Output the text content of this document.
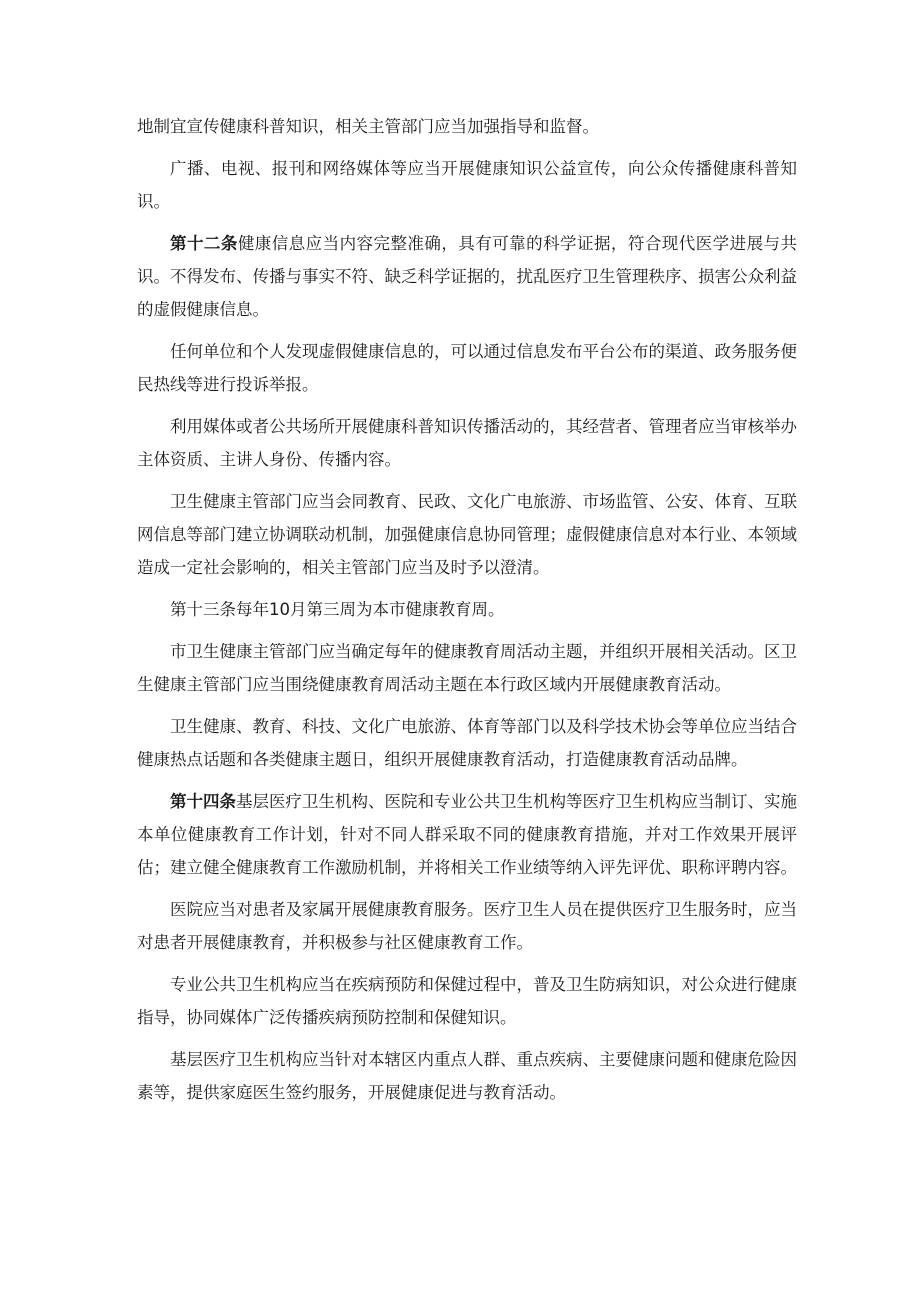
地制宜宣传健康科普知识，相关主管部门应当加强指导和监督。

广播、电视、报刊和网络媒体等应当开展健康知识公益宣传，向公众传播健康科普知识。

第十二条健康信息应当内容完整准确，具有可靠的科学证据，符合现代医学进展与共识。不得发布、传播与事实不符、缺乏科学证据的，扰乱医疗卫生管理秩序、损害公众利益的虚假健康信息。

任何单位和个人发现虚假健康信息的，可以通过信息发布平台公布的渠道、政务服务便民热线等进行投诉举报。

利用媒体或者公共场所开展健康科普知识传播活动的，其经营者、管理者应当审核举办主体资质、主讲人身份、传播内容。

卫生健康主管部门应当会同教育、民政、文化广电旅游、市场监管、公安、体育、互联网信息等部门建立协调联动机制，加强健康信息协同管理；虚假健康信息对本行业、本领域造成一定社会影响的，相关主管部门应当及时予以澄清。

第十三条每年10月第三周为本市健康教育周。

市卫生健康主管部门应当确定每年的健康教育周活动主题，并组织开展相关活动。区卫生健康主管部门应当围绕健康教育周活动主题在本行政区域内开展健康教育活动。

卫生健康、教育、科技、文化广电旅游、体育等部门以及科学技术协会等单位应当结合健康热点话题和各类健康主题日，组织开展健康教育活动，打造健康教育活动品牌。

第十四条基层医疗卫生机构、医院和专业公共卫生机构等医疗卫生机构应当制订、实施本单位健康教育工作计划，针对不同人群采取不同的健康教育措施，并对工作效果开展评估；建立健全健康教育工作激励机制，并将相关工作业绩等纳入评先评优、职称评聘内容。

医院应当对患者及家属开展健康教育服务。医疗卫生人员在提供医疗卫生服务时，应当对患者开展健康教育，并积极参与社区健康教育工作。

专业公共卫生机构应当在疾病预防和保健过程中，普及卫生防病知识，对公众进行健康指导，协同媒体广泛传播疾病预防控制和保健知识。

基层医疗卫生机构应当针对本辖区内重点人群、重点疾病、主要健康问题和健康危险因素等，提供家庭医生签约服务，开展健康促进与教育活动。
